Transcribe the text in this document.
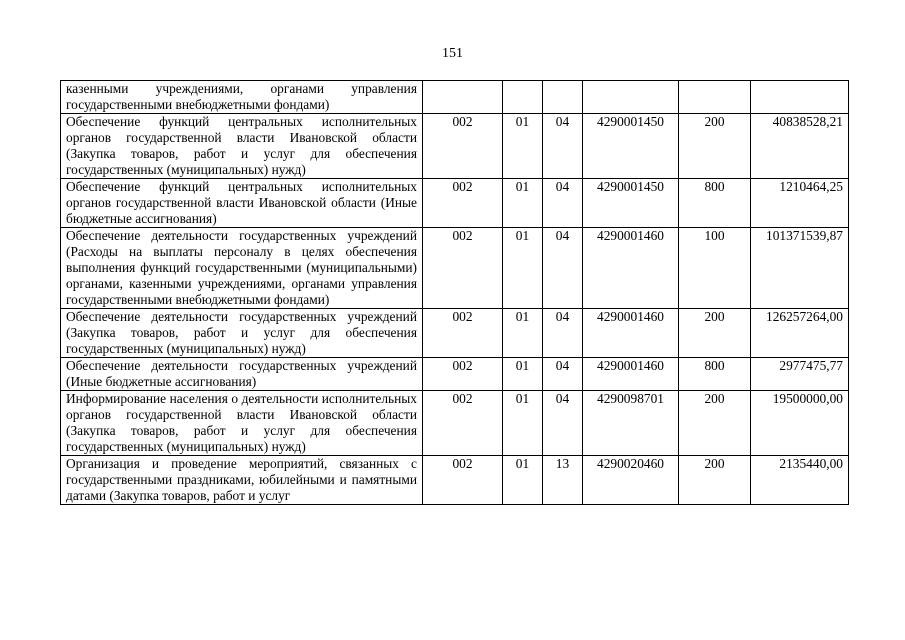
151
казенными учреждениями, органами управления государственными внебюджетными фондами)						
Обеспечение функций центральных исполнительных органов государственной власти Ивановской области (Закупка товаров, работ и услуг для обеспечения государственных (муниципальных) нужд)	002	01	04	4290001450	200	40838528,21
Обеспечение функций центральных исполнительных органов государственной власти Ивановской области (Иные бюджетные ассигнования)	002	01	04	4290001450	800	1210464,25
Обеспечение деятельности государственных учреждений (Расходы на выплаты персоналу в целях обеспечения выполнения функций государственными (муниципальными) органами, казенными учреждениями, органами управления государственными внебюджетными фондами)	002	01	04	4290001460	100	101371539,87
Обеспечение деятельности государственных учреждений (Закупка товаров, работ и услуг для обеспечения государственных (муниципальных) нужд)	002	01	04	4290001460	200	126257264,00
Обеспечение деятельности государственных учреждений (Иные бюджетные ассигнования)	002	01	04	4290001460	800	2977475,77
Информирование населения о деятельности исполнительных органов государственной власти Ивановской области (Закупка товаров, работ и услуг для обеспечения государственных (муниципальных) нужд)	002	01	04	4290098701	200	19500000,00
Организация и проведение мероприятий, связанных с государственными праздниками, юбилейными и памятными датами (Закупка товаров, работ и услуг	002	01	13	4290020460	200	2135440,00
